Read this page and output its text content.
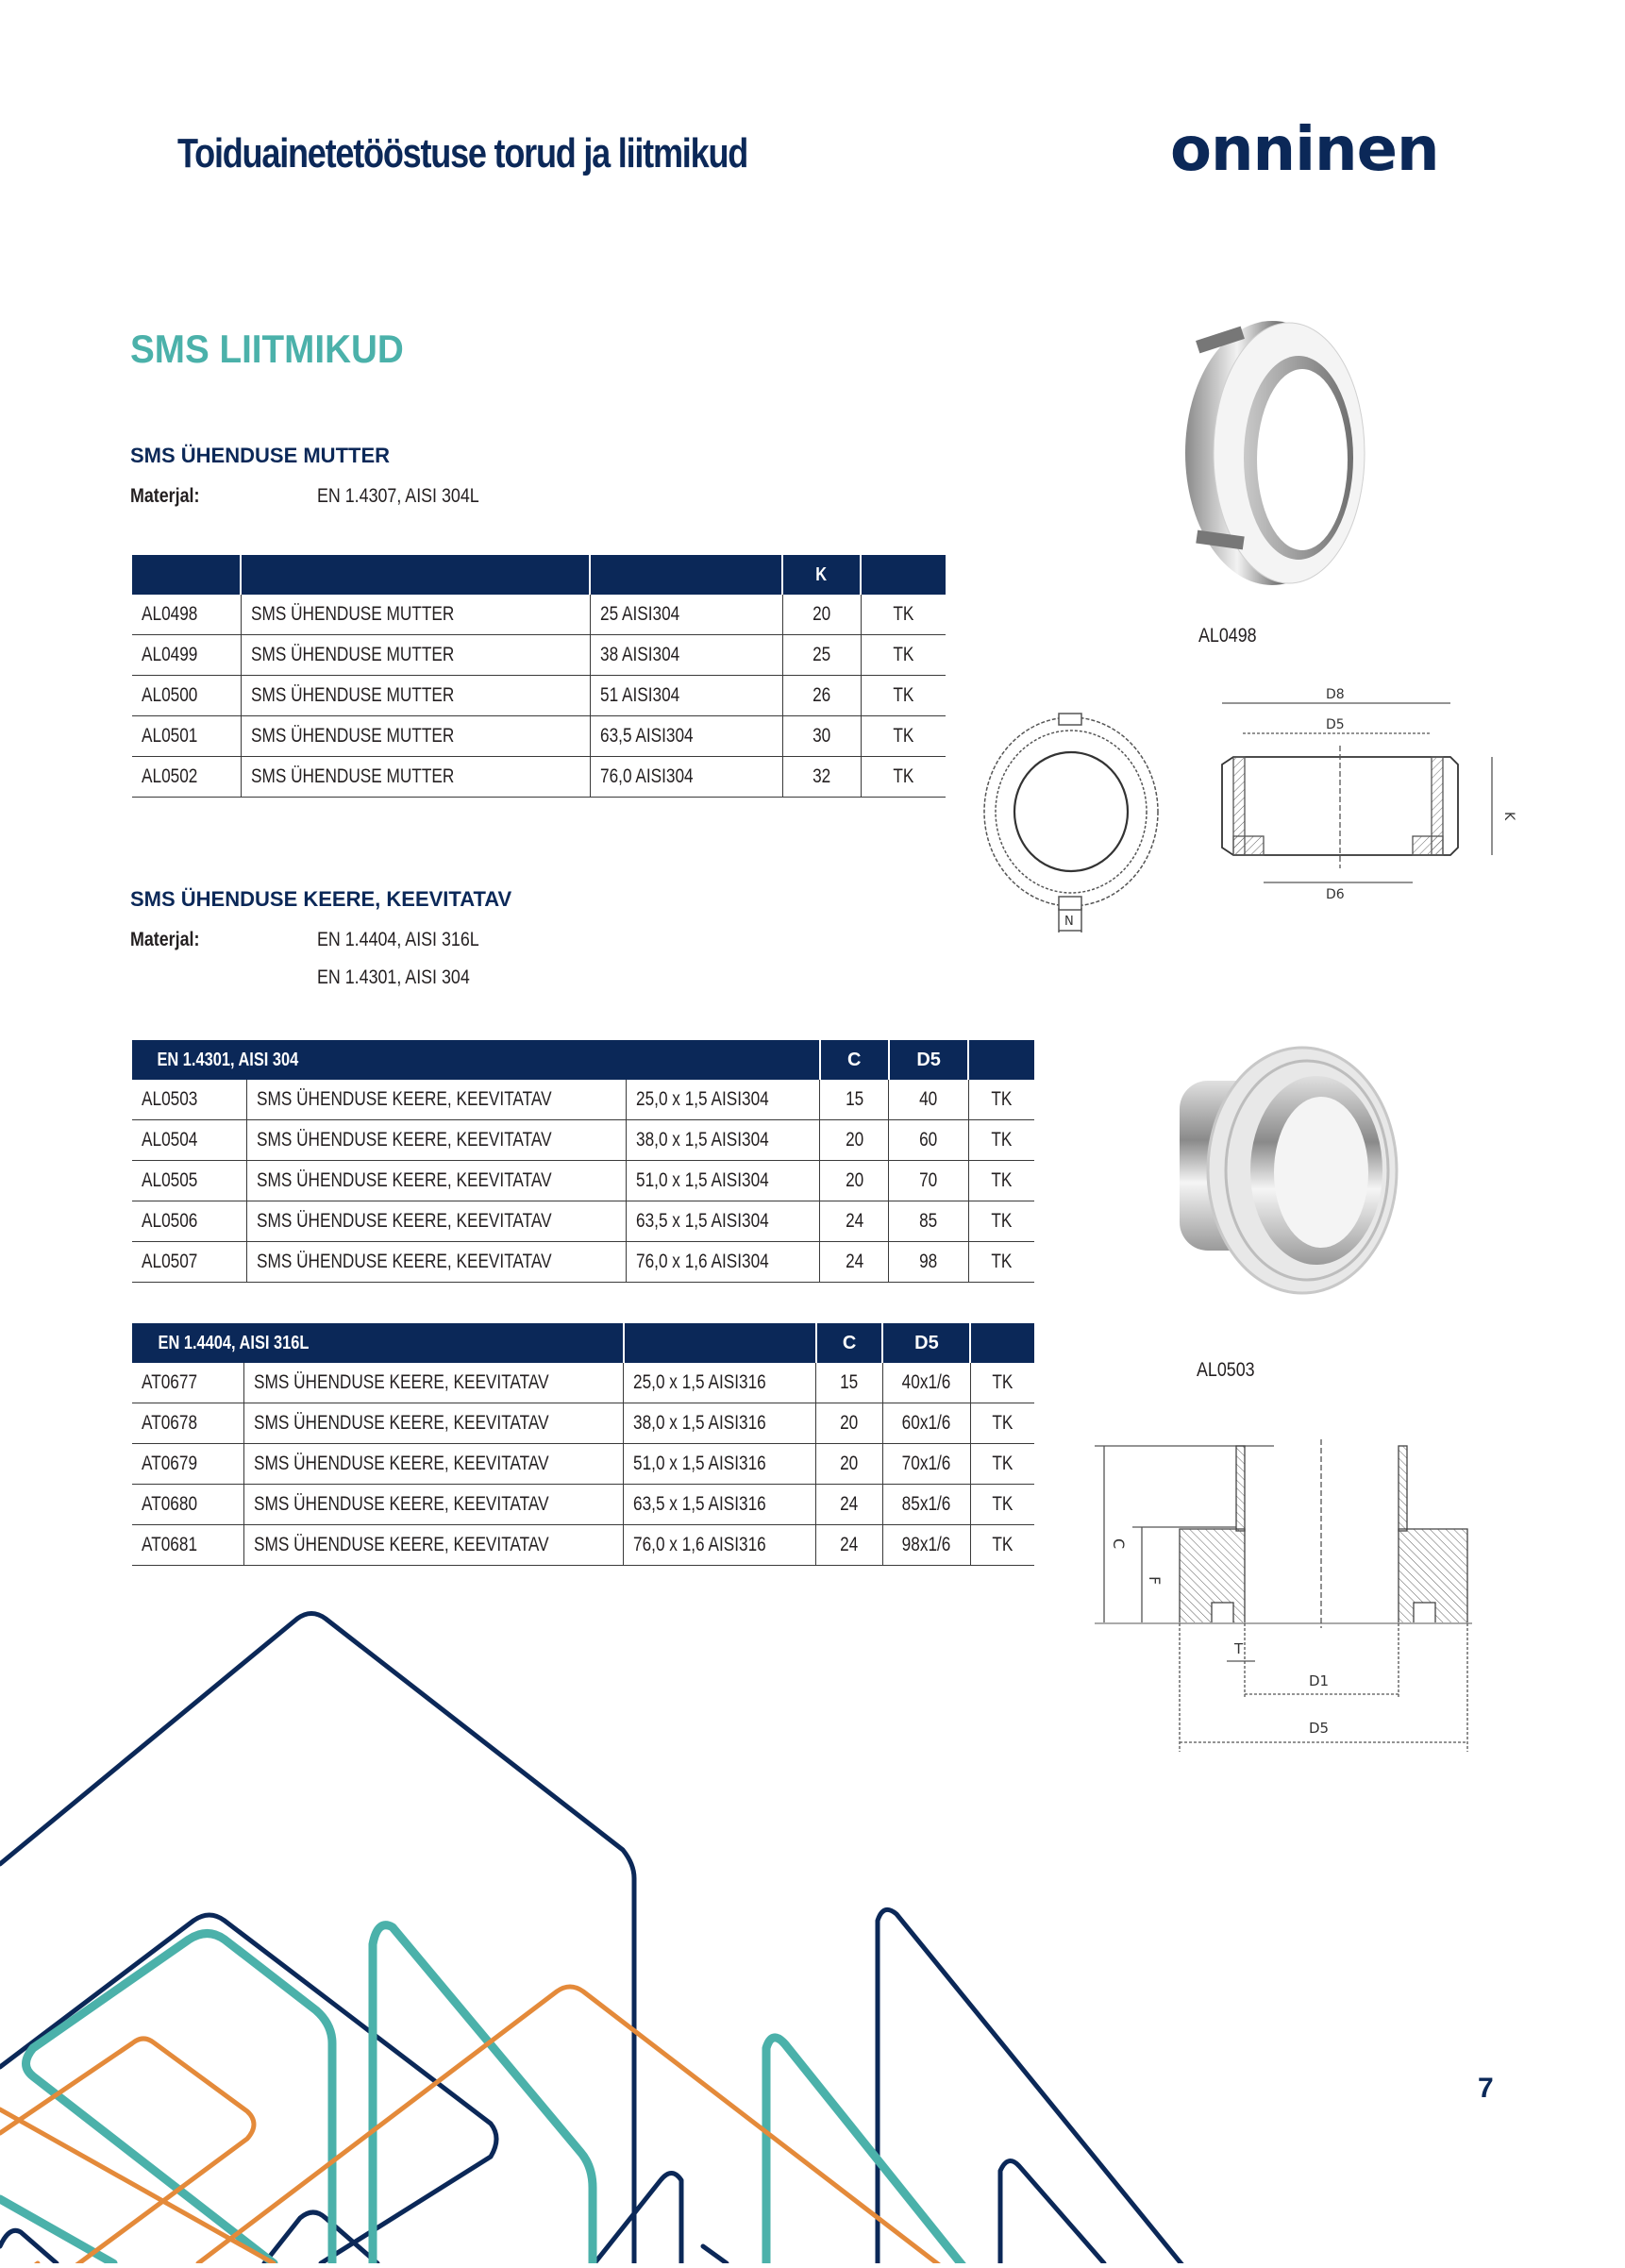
Toiduainetetööstuse torud ja liitmikud	onninen
SMS LIITMIKUD
SMS ÜHENDUSE MUTTER
Materjal:	EN 1.4307, AISI 304L
			K	
AL0498	SMS ÜHENDUSE MUTTER	25 AISI304	20	TK
AL0499	SMS ÜHENDUSE MUTTER	38 AISI304	25	TK
AL0500	SMS ÜHENDUSE MUTTER	51 AISI304	26	TK
AL0501	SMS ÜHENDUSE MUTTER	63,5 AISI304	30	TK
AL0502	SMS ÜHENDUSE MUTTER	76,0 AISI304	32	TK
AL0498
N
D8
D5
D6
K
SMS ÜHENDUSE KEERE, KEEVITATAV
Materjal:	EN 1.4404, AISI 316L
EN 1.4301, AISI 304
EN 1.4301, AISI 304			C	D5	
AL0503	SMS ÜHENDUSE KEERE, KEEVITATAV	25,0 x 1,5 AISI304	15	40	TK
AL0504	SMS ÜHENDUSE KEERE, KEEVITATAV	38,0 x 1,5 AISI304	20	60	TK
AL0505	SMS ÜHENDUSE KEERE, KEEVITATAV	51,0 x 1,5 AISI304	20	70	TK
AL0506	SMS ÜHENDUSE KEERE, KEEVITATAV	63,5 x 1,5 AISI304	24	85	TK
AL0507	SMS ÜHENDUSE KEERE, KEEVITATAV	76,0 x 1,6 AISI304	24	98	TK
EN 1.4404, AISI 316L			C	D5	
AT0677	SMS ÜHENDUSE KEERE, KEEVITATAV	25,0 x 1,5 AISI316	15	40x1/6	TK
AT0678	SMS ÜHENDUSE KEERE, KEEVITATAV	38,0 x 1,5 AISI316	20	60x1/6	TK
AT0679	SMS ÜHENDUSE KEERE, KEEVITATAV	51,0 x 1,5 AISI316	20	70x1/6	TK
AT0680	SMS ÜHENDUSE KEERE, KEEVITATAV	63,5 x 1,5 AISI316	24	85x1/6	TK
AT0681	SMS ÜHENDUSE KEERE, KEEVITATAV	76,0 x 1,6 AISI316	24	98x1/6	TK
AL0503
C
F
T
D1
D5
7
